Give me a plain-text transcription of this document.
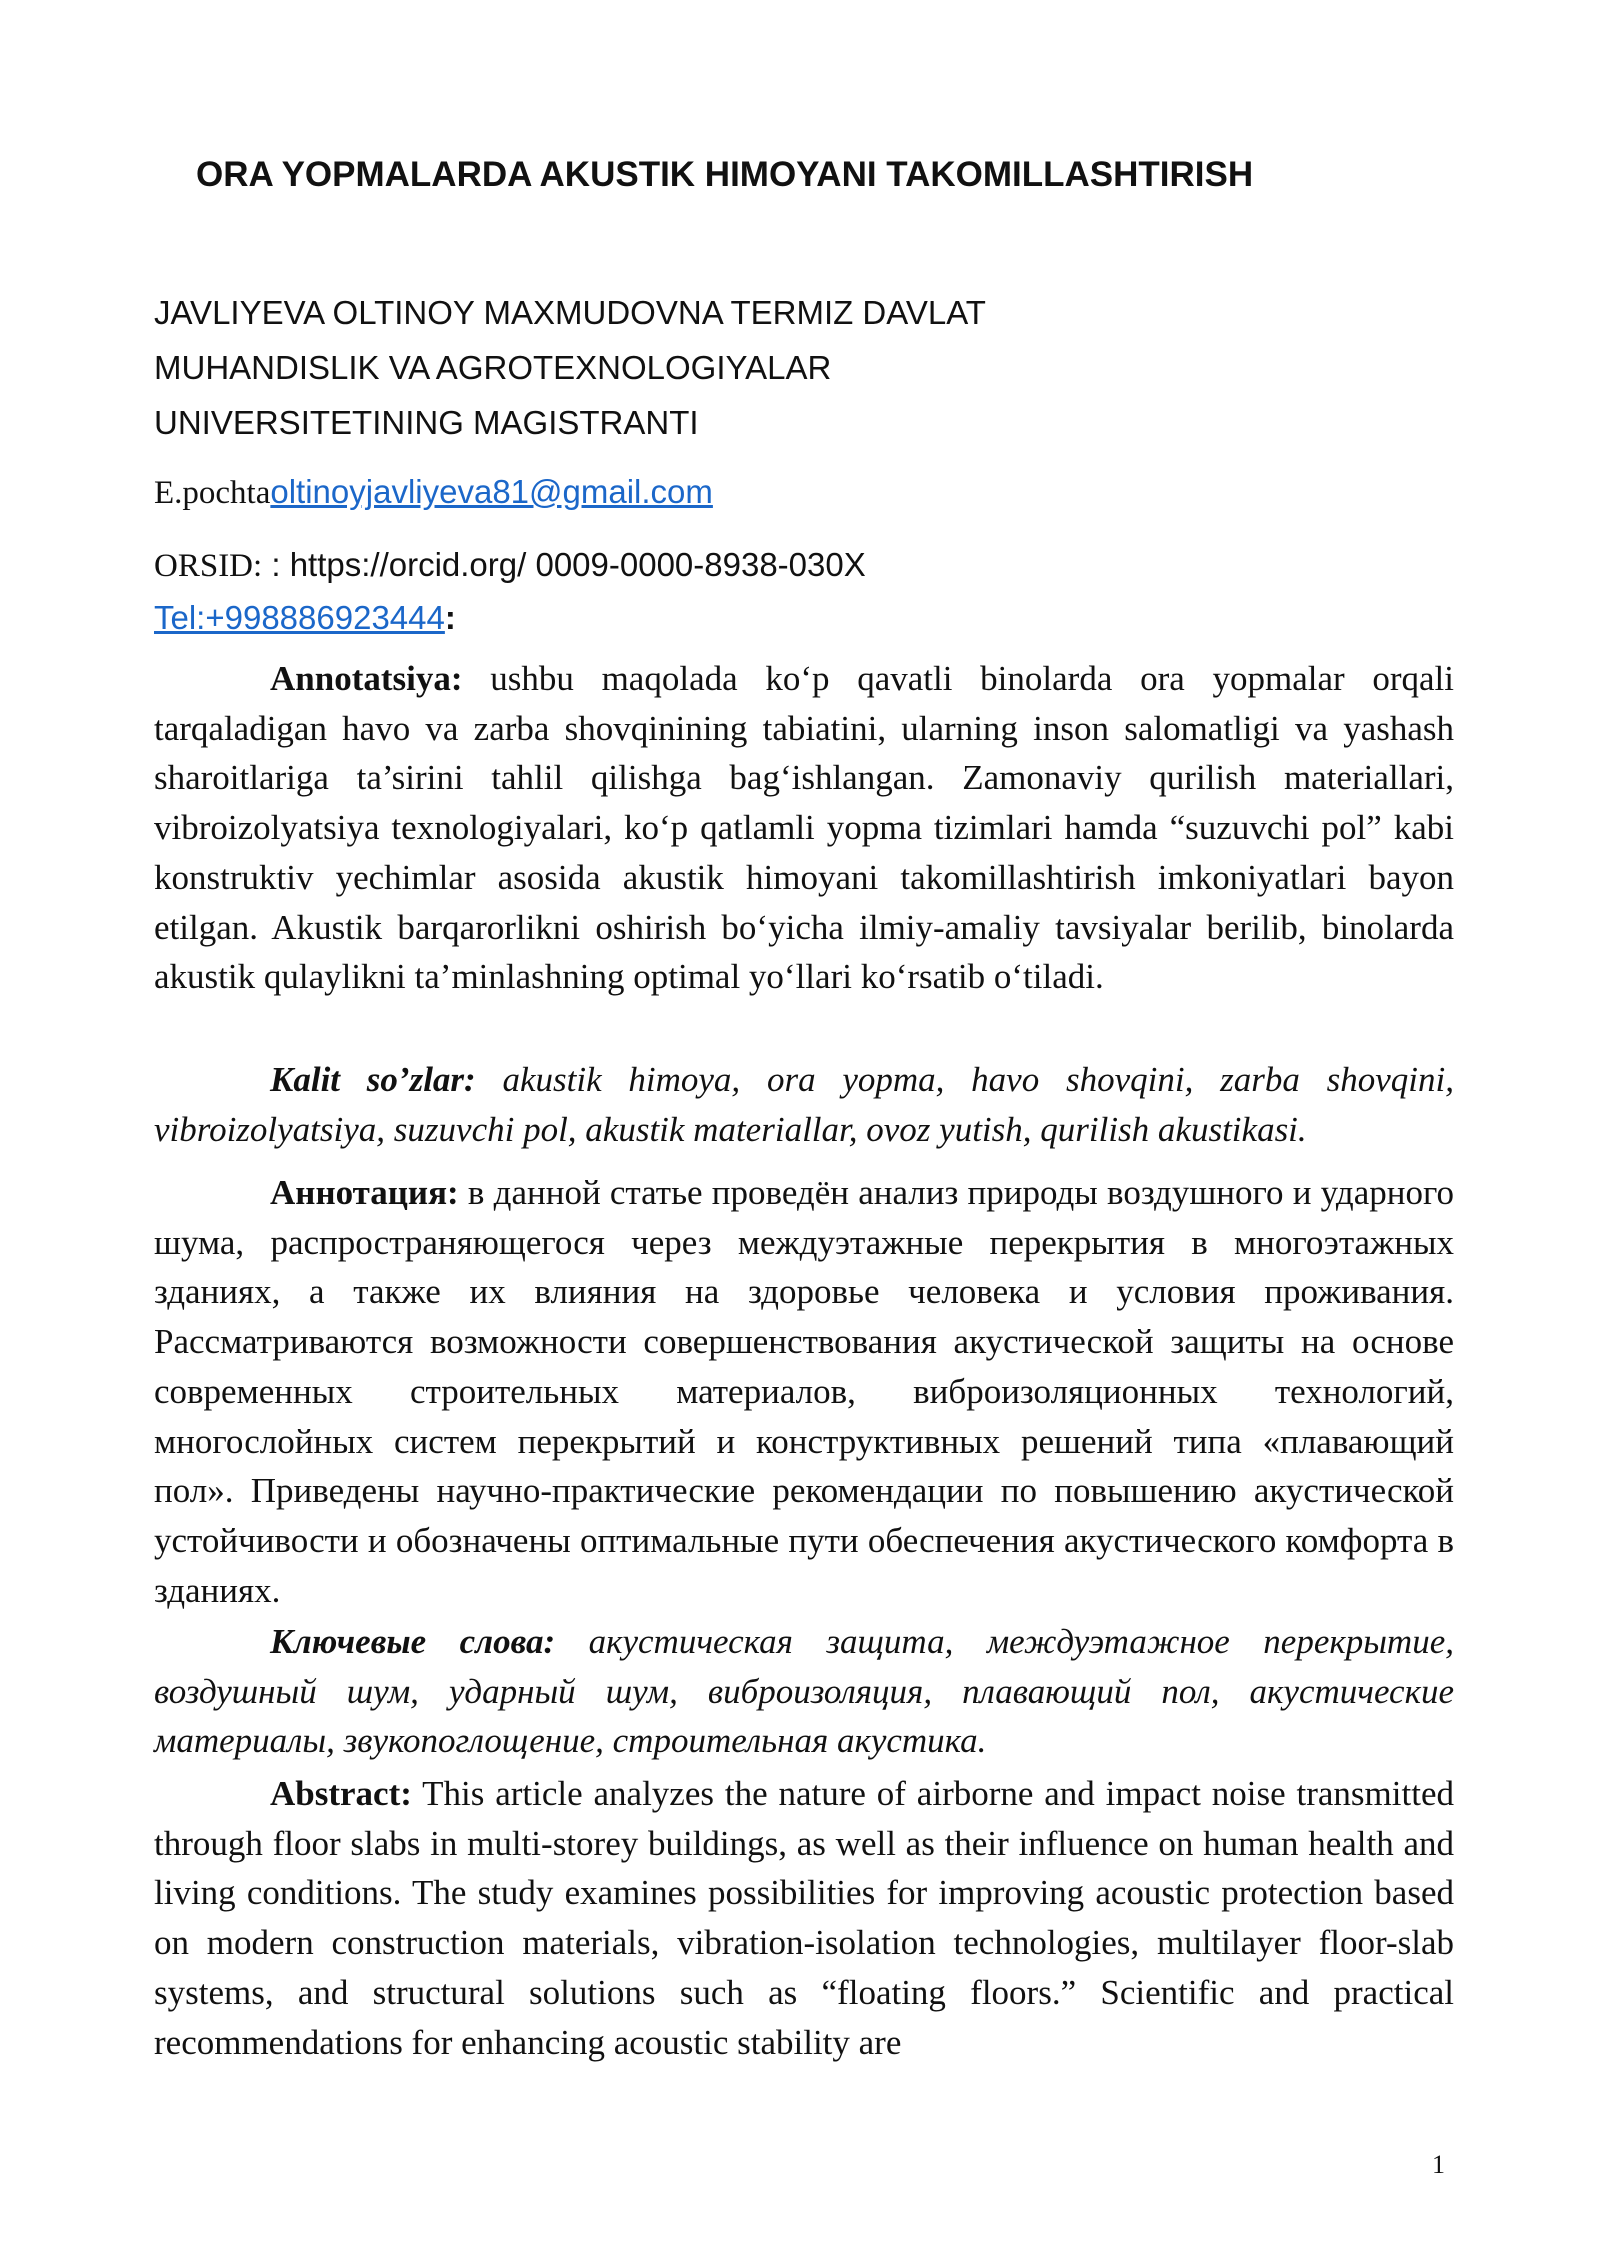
ORA YOPMALARDA AKUSTIK HIMOYANI TAKOMILLASHTIRISH
JAVLIYEVA OLTINOY MAXMUDOVNA TERMIZ DAVLAT
MUHANDISLIK VA AGROTEXNOLOGIYALAR
UNIVERSITETINING MAGISTRANTI
E.pochtaoltinoyjavliyeva81@gmail.com
ORSID: : https://orcid.org/ 0009-0000-8938-030X
Tel:+998886923444:
Annotatsiya: ushbu maqolada ko‘p qavatli binolarda ora yopmalar orqali tarqaladigan havo va zarba shovqinining tabiatini, ularning inson salomatligi va yashash sharoitlariga ta’sirini tahlil qilishga bag‘ishlangan. Zamonaviy qurilish materiallari, vibroizolyatsiya texnologiyalari, ko‘p qatlamli yopma tizimlari hamda “suzuvchi pol” kabi konstruktiv yechimlar asosida akustik himoyani takomillashtirish imkoniyatlari bayon etilgan. Akustik barqarorlikni oshirish bo‘yicha ilmiy-amaliy tavsiyalar berilib, binolarda akustik qulaylikni ta’minlashning optimal yo‘llari ko‘rsatib o‘tiladi.
Kalit so’zlar: akustik himoya, ora yopma, havo shovqini, zarba shovqini, vibroizolyatsiya, suzuvchi pol, akustik materiallar, ovoz yutish, qurilish akustikasi.
Аннотация: в данной статье проведён анализ природы воздушного и ударного шума, распространяющегося через междуэтажные перекрытия в многоэтажных зданиях, а также их влияния на здоровье человека и условия проживания. Рассматриваются возможности совершенствования акустической защиты на основе современных строительных материалов, виброизоляционных технологий, многослойных систем перекрытий и конструктивных решений типа «плавающий пол». Приведены научно-практические рекомендации по повышению акустической устойчивости и обозначены оптимальные пути обеспечения акустического комфорта в зданиях.
Ключевые слова: акустическая защита, междуэтажное перекрытие, воздушный шум, ударный шум, виброизоляция, плавающий пол, акустические материалы, звукопоглощение, строительная акустика.
Abstract: This article analyzes the nature of airborne and impact noise transmitted through floor slabs in multi-storey buildings, as well as their influence on human health and living conditions. The study examines possibilities for improving acoustic protection based on modern construction materials, vibration-isolation technologies, multilayer floor-slab systems, and structural solutions such as “floating floors.” Scientific and practical recommendations for enhancing acoustic stability are
1
